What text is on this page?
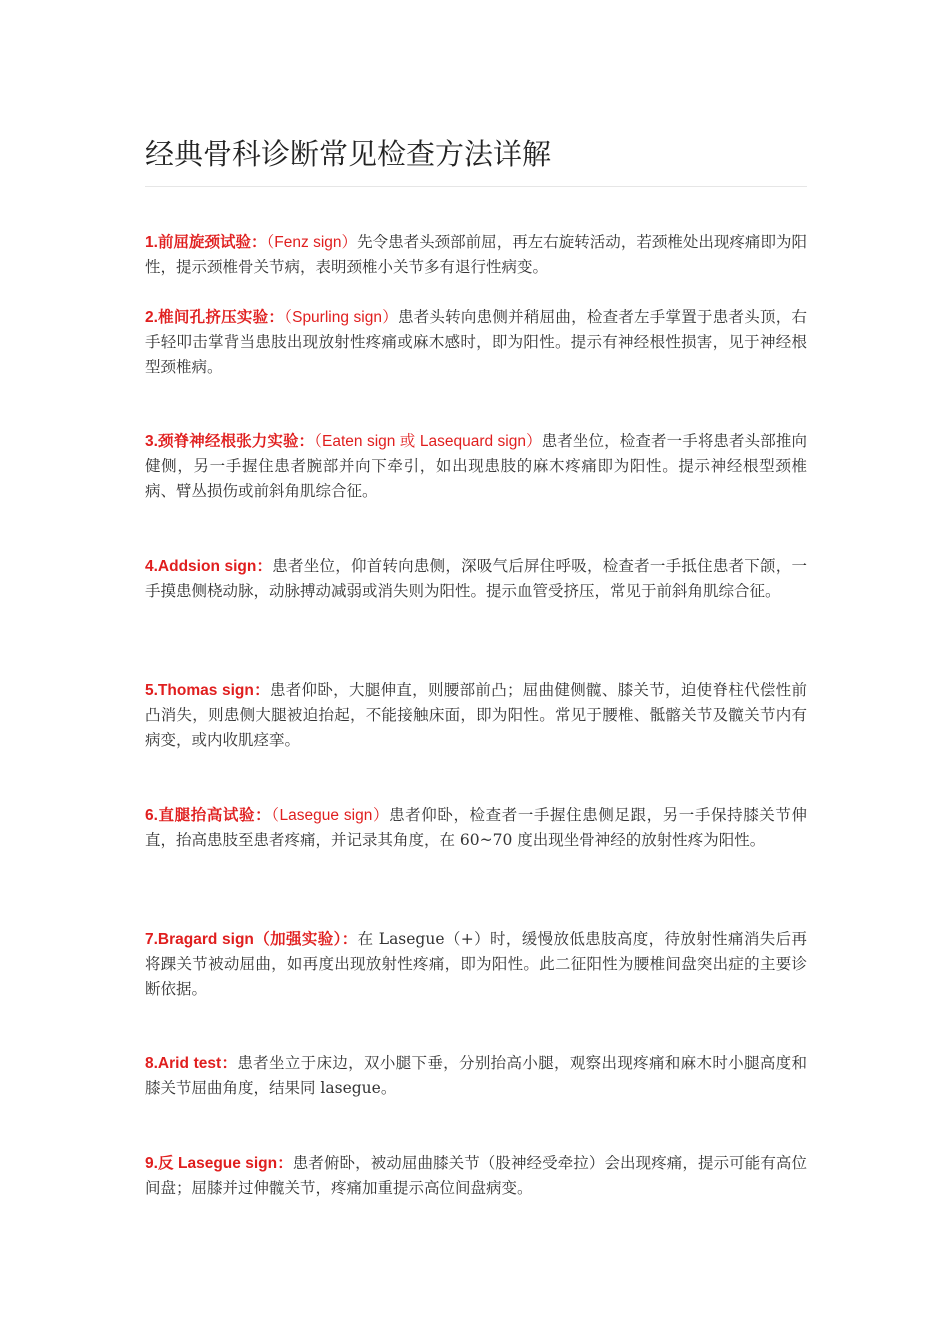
经典骨科诊断常见检查方法详解

1.前屈旋颈试验：（Fenz sign）先令患者头颈部前屈，再左右旋转活动，若颈椎处出现疼痛即为阳性，提示颈椎骨关节病，表明颈椎小关节多有退行性病变。

2.椎间孔挤压实验：（Spurling sign）患者头转向患侧并稍屈曲，检查者左手掌置于患者头顶，右手轻叩击掌背当患肢出现放射性疼痛或麻木感时，即为阳性。提示有神经根性损害，见于神经根型颈椎病。

3.颈脊神经根张力实验：（Eaten sign 或 Lasequard sign）患者坐位，检查者一手将患者头部推向健侧，另一手握住患者腕部并向下牵引，如出现患肢的麻木疼痛即为阳性。提示神经根型颈椎病、臂丛损伤或前斜角肌综合征。

4.Addsion sign：患者坐位，仰首转向患侧，深吸气后屏住呼吸，检查者一手抵住患者下颌，一手摸患侧桡动脉，动脉搏动减弱或消失则为阳性。提示血管受挤压，常见于前斜角肌综合征。

5.Thomas sign：患者仰卧，大腿伸直，则腰部前凸；屈曲健侧髋、膝关节，迫使脊柱代偿性前凸消失，则患侧大腿被迫抬起，不能接触床面，即为阳性。常见于腰椎、骶髂关节及髋关节内有病变，或内收肌痉挛。

6.直腿抬高试验：（Lasegue sign）患者仰卧，检查者一手握住患侧足跟，另一手保持膝关节伸直，抬高患肢至患者疼痛，并记录其角度，在 60~70 度出现坐骨神经的放射性疼为阳性。

7.Bragard sign（加强实验）：在 Lasegue（+）时，缓慢放低患肢高度，待放射性痛消失后再将踝关节被动屈曲，如再度出现放射性疼痛，即为阳性。此二征阳性为腰椎间盘突出症的主要诊断依据。

8.Arid test：患者坐立于床边，双小腿下垂，分别抬高小腿，观察出现疼痛和麻木时小腿高度和膝关节屈曲角度，结果同 lasegue。

9.反 Lasegue sign：患者俯卧，被动屈曲膝关节（股神经受牵拉）会出现疼痛，提示可能有高位间盘；屈膝并过伸髋关节，疼痛加重提示高位间盘病变。
